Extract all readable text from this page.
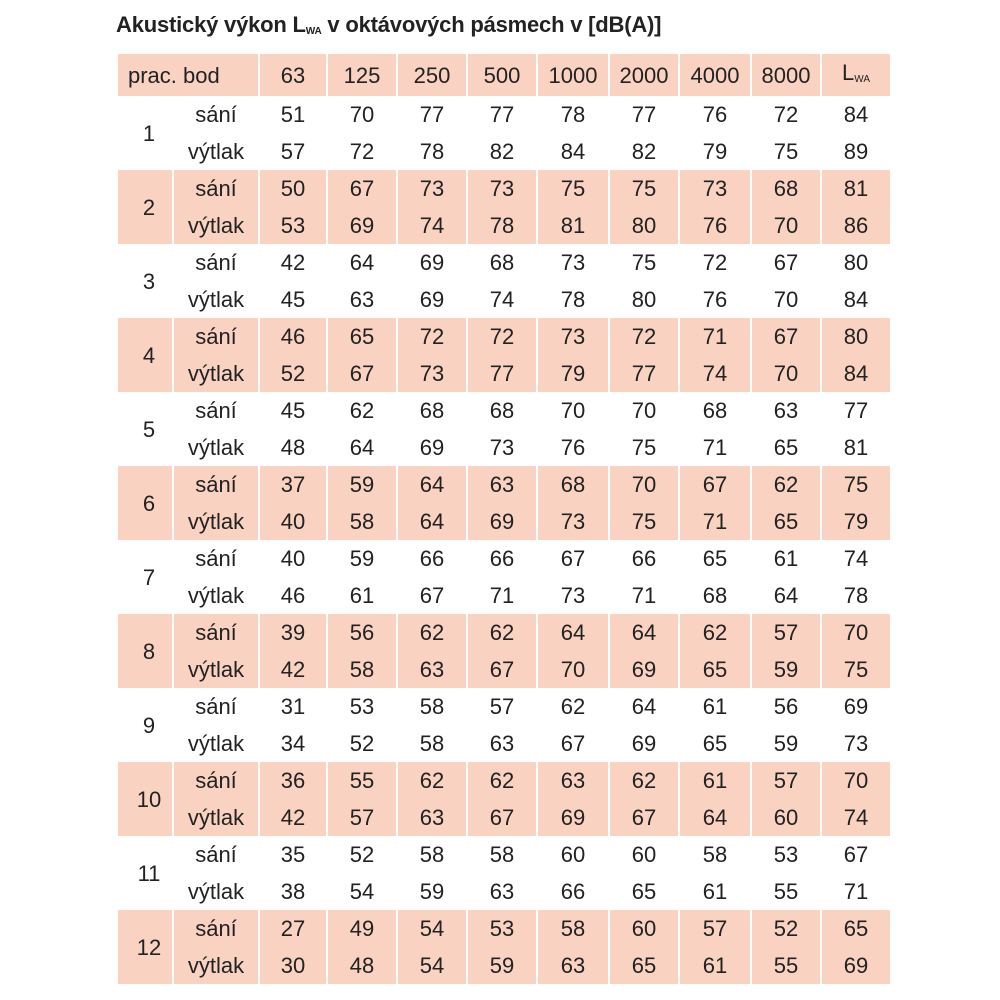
Akustický výkon $L_{WA}$ v oktávových pásmech v [dB(A)]
prac. bod		63	125	250	500	1000	2000	4000	8000	$L_{WA}$
1	sání	51	70	77	77	78	77	76	72	84
	výtlak	57	72	78	82	84	82	79	75	89
2	sání	50	67	73	73	75	75	73	68	81
	výtlak	53	69	74	78	81	80	76	70	86
3	sání	42	64	69	68	73	75	72	67	80
	výtlak	45	63	69	74	78	80	76	70	84
4	sání	46	65	72	72	73	72	71	67	80
	výtlak	52	67	73	77	79	77	74	70	84
5	sání	45	62	68	68	70	70	68	63	77
	výtlak	48	64	69	73	76	75	71	65	81
6	sání	37	59	64	63	68	70	67	62	75
	výtlak	40	58	64	69	73	75	71	65	79
7	sání	40	59	66	66	67	66	65	61	74
	výtlak	46	61	67	71	73	71	68	64	78
8	sání	39	56	62	62	64	64	62	57	70
	výtlak	42	58	63	67	70	69	65	59	75
9	sání	31	53	58	57	62	64	61	56	69
	výtlak	34	52	58	63	67	69	65	59	73
10	sání	36	55	62	62	63	62	61	57	70
	výtlak	42	57	63	67	69	67	64	60	74
11	sání	35	52	58	58	60	60	58	53	67
	výtlak	38	54	59	63	66	65	61	55	71
12	sání	27	49	54	53	58	60	57	52	65
	výtlak	30	48	54	59	63	65	61	55	69
